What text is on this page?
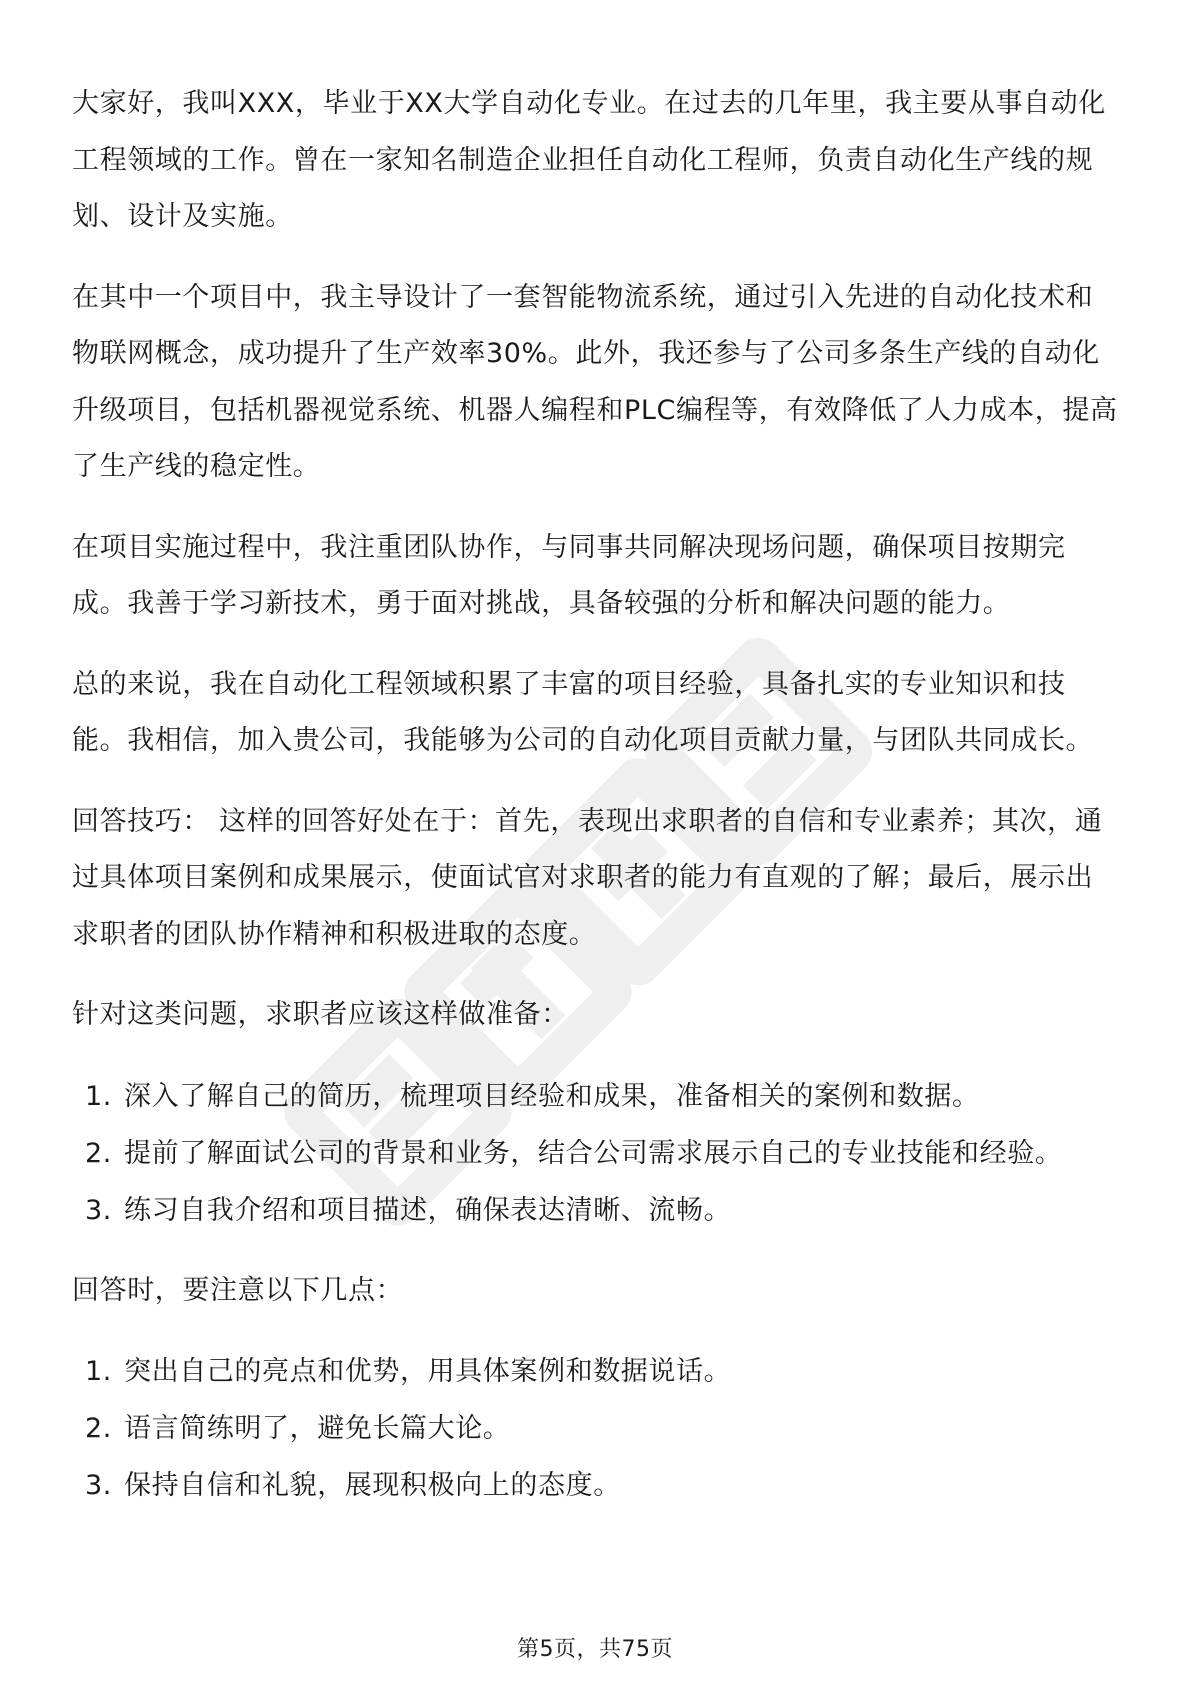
大家好，我叫XXX，毕业于XX大学自动化专业。在过去的几年里，我主要从事自动化工程领域的工作。曾在一家知名制造企业担任自动化工程师，负责自动化生产线的规划、设计及实施。

在其中一个项目中，我主导设计了一套智能物流系统，通过引入先进的自动化技术和物联网概念，成功提升了生产效率30%。此外，我还参与了公司多条生产线的自动化升级项目，包括机器视觉系统、机器人编程和PLC编程等，有效降低了人力成本，提高了生产线的稳定性。

在项目实施过程中，我注重团队协作，与同事共同解决现场问题，确保项目按期完成。我善于学习新技术，勇于面对挑战，具备较强的分析和解决问题的能力。

总的来说，我在自动化工程领域积累了丰富的项目经验，具备扎实的专业知识和技能。我相信，加入贵公司，我能够为公司的自动化项目贡献力量，与团队共同成长。

回答技巧： 这样的回答好处在于：首先，表现出求职者的自信和专业素养；其次，通过具体项目案例和成果展示，使面试官对求职者的能力有直观的了解；最后，展示出求职者的团队协作精神和积极进取的态度。

针对这类问题，求职者应该这样做准备：

1. 深入了解自己的简历，梳理项目经验和成果，准备相关的案例和数据。
2. 提前了解面试公司的背景和业务，结合公司需求展示自己的专业技能和经验。
3. 练习自我介绍和项目描述，确保表达清晰、流畅。

回答时，要注意以下几点：

1. 突出自己的亮点和优势，用具体案例和数据说话。
2. 语言简练明了，避免长篇大论。
3. 保持自信和礼貌，展现积极向上的态度。
第5页，共75页
